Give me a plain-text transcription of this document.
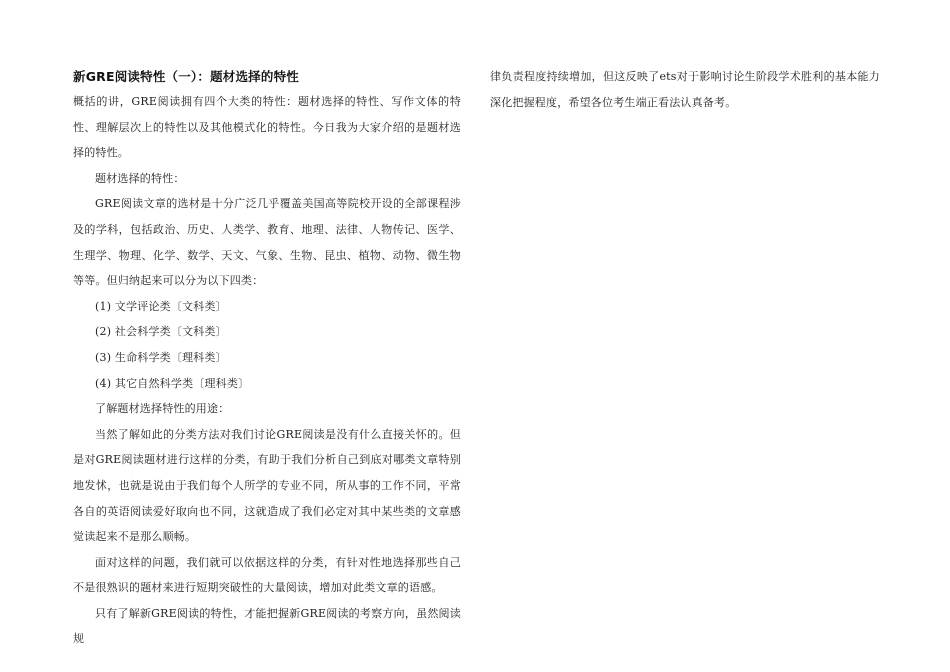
新GRE阅读特性（一）：题材选择的特性

概括的讲，GRE阅读拥有四个大类的特性：题材选择的特性、写作文体的特性、理解层次上的特性以及其他模式化的特性。今日我为大家介绍的是题材选择的特性。

题材选择的特性：

GRE阅读文章的选材是十分广泛几乎覆盖美国高等院校开设的全部课程涉及的学科，包括政治、历史、人类学、教育、地理、法律、人物传记、医学、生理学、物理、化学、数学、天文、气象、生物、昆虫、植物、动物、微生物等等。但归纳起来可以分为以下四类：

(1) 文学评论类〔文科类〕

(2) 社会科学类〔文科类〕

(3) 生命科学类〔理科类〕

(4) 其它自然科学类〔理科类〕

了解题材选择特性的用途：

当然了解如此的分类方法对我们讨论GRE阅读是没有什么直接关怀的。但是对GRE阅读题材进行这样的分类，有助于我们分析自己到底对哪类文章特别地发怵，也就是说由于我们每个人所学的专业不同，所从事的工作不同，平常各自的英语阅读爱好取向也不同，这就造成了我们必定对其中某些类的文章感觉读起来不是那么顺畅。

面对这样的问题，我们就可以依据这样的分类，有针对性地选择那些自己不是很熟识的题材来进行短期突破性的大量阅读，增加对此类文章的语感。

只有了解新GRE阅读的特性，才能把握新GRE阅读的考察方向，虽然阅读规

律负责程度持续增加，但这反映了ets对于影响讨论生阶段学术胜利的基本能力深化把握程度，希望各位考生端正看法认真备考。
